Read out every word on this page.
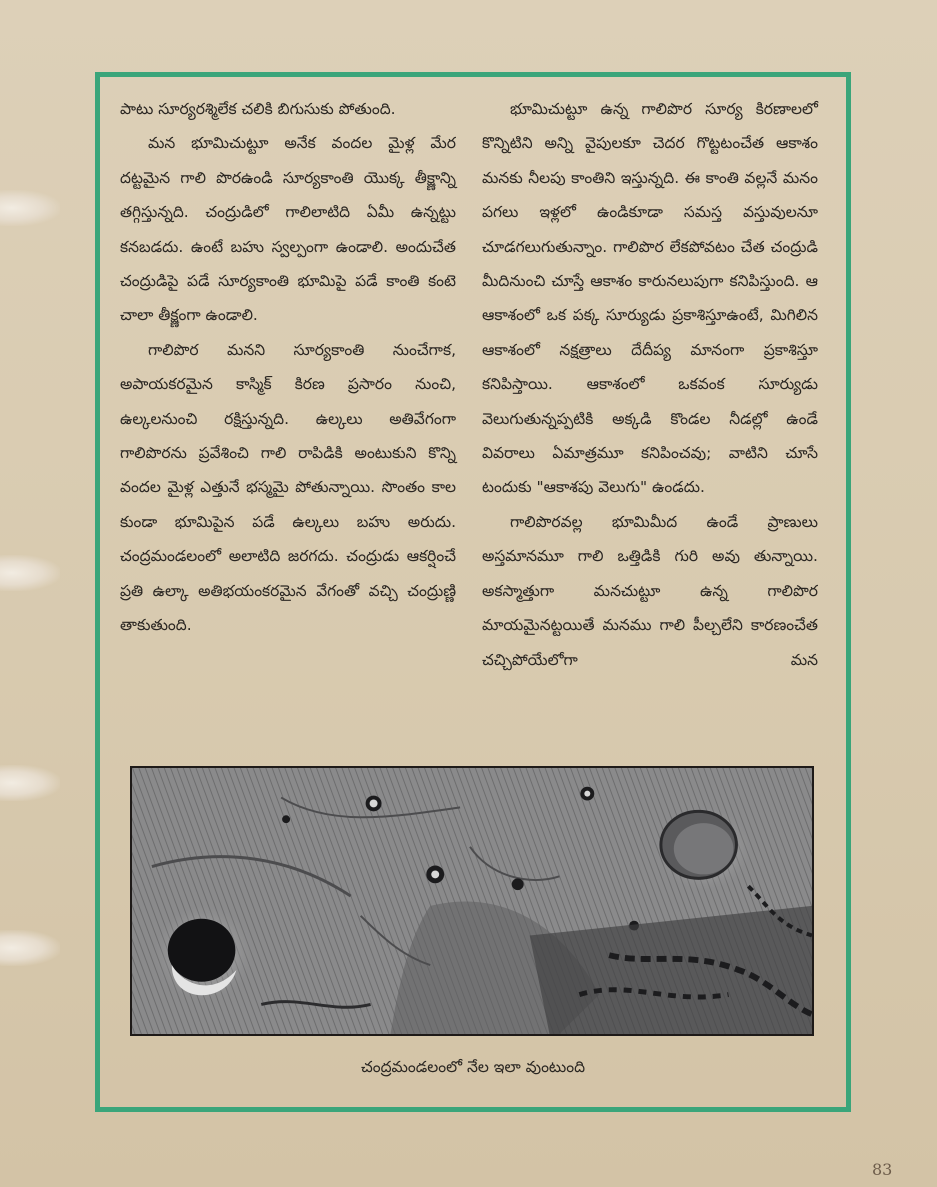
పాటు సూర్యరశ్మిలేక చలికి బిగుసుకు పోతుంది.

మన భూమిచుట్టూ అనేక వందల మైళ్ల మేర దట్టమైన గాలి పొరఉండి సూర్యకాంతి యొక్క తీక్ష్ణాన్ని తగ్గిస్తున్నది. చంద్రుడిలో గాలిలాటిది ఏమీ ఉన్నట్టు కనబడదు. ఉంటే బహు స్వల్పంగా ఉండాలి. అందుచేత చంద్రుడిపై పడే సూర్యకాంతి భూమిపై పడే కాంతి కంటె చాలా తీక్ష్ణంగా ఉండాలి.

గాలిపొర మనని సూర్యకాంతి నుంచేగాక, అపాయకరమైన కాస్మిక్ కిరణ ప్రసారం నుంచి, ఉల్కలనుంచి రక్షిస్తున్నది. ఉల్కలు అతివేగంగా గాలిపొరను ప్రవేశించి గాలి రాపిడికి అంటుకుని కొన్ని వందల మైళ్ల ఎత్తునే భస్మమై పోతున్నాయి. సొంతం కాల కుండా భూమిపైన పడే ఉల్కలు బహు అరుదు. చంద్రమండలంలో అలాటిది జరగదు. చంద్రుడు ఆకర్షించే ప్రతి ఉల్కా అతిభయంకరమైన వేగంతో వచ్చి చంద్రుణ్ణి తాకుతుంది.

భూమిచుట్టూ ఉన్న గాలిపొర సూర్య కిరణాలలో కొన్నిటిని అన్ని వైపులకూ చెదర గొట్టటంచేత ఆకాశం మనకు నీలపు కాంతిని ఇస్తున్నది. ఈ కాంతి వల్లనే మనం పగలు ఇళ్లలో ఉండికూడా సమస్త వస్తువులనూ చూడగలుగుతున్నాం. గాలిపొర లేకపోవటం చేత చంద్రుడి మీదినుంచి చూస్తే ఆకాశం కారునలుపుగా కనిపిస్తుంది. ఆ ఆకాశంలో ఒక పక్క సూర్యుడు ప్రకాశిస్తూఉంటే, మిగిలిన ఆకాశంలో నక్షత్రాలు దేదీప్య మానంగా ప్రకాశిస్తూ కనిపిస్తాయి. ఆకాశంలో ఒకవంక సూర్యుడు వెలుగుతున్నప్పటికి అక్కడి కొండల నీడల్లో ఉండే వివరాలు ఏమాత్రమూ కనిపించవు; వాటిని చూసే టందుకు "ఆకాశపు వెలుగు" ఉండదు.

గాలిపొరవల్ల భూమిమీద ఉండే ప్రాణులు అస్తమానమూ గాలి ఒత్తిడికి గురి అవు తున్నాయి. అకస్మాత్తుగా మనచుట్టూ ఉన్న గాలిపొర మాయమైనట్టయితే మనము గాలి పీల్చలేని కారణంచేత చచ్చిపోయేలోగా మన

చంద్రమండలంలో నేల ఇలా వుంటుంది
83
